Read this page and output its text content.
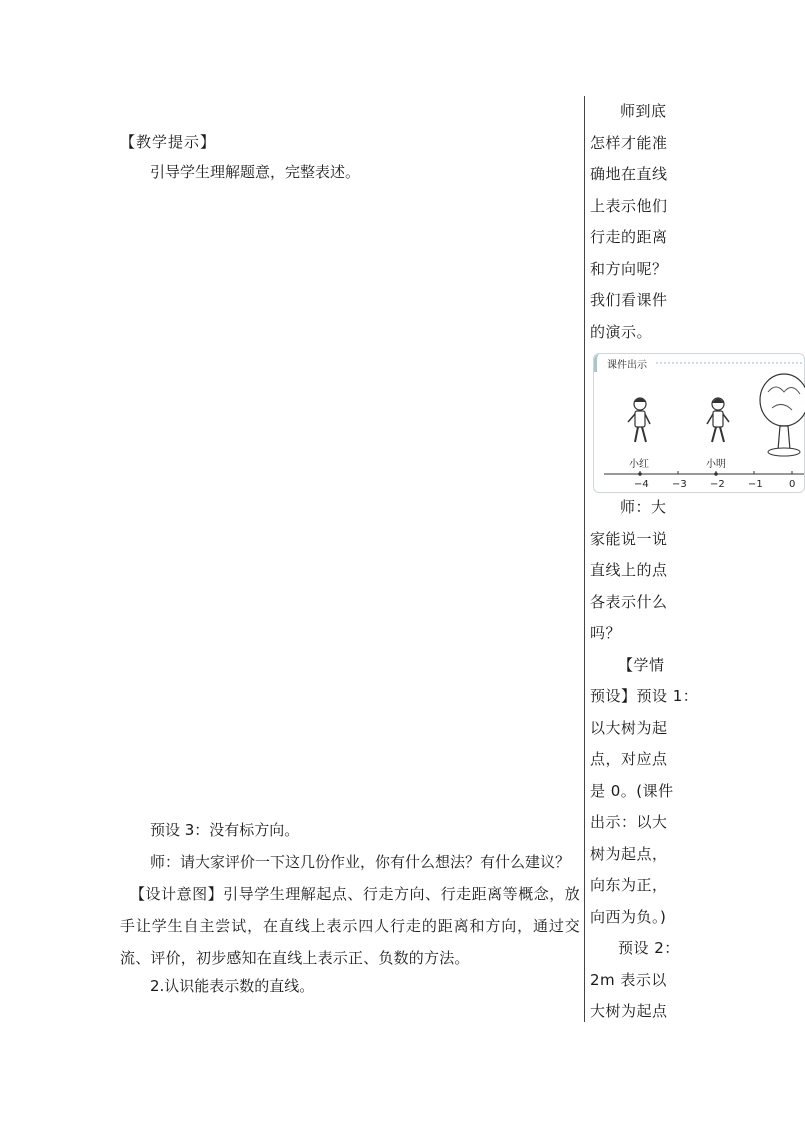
【教学提示】
引导学生理解题意，完整表述。
预设 3：没有标方向。
师：请大家评价一下这几份作业，你有什么想法？有什么建议？
【设计意图】引导学生理解起点、行走方向、行走距离等概念，放手让学生自主尝试，在直线上表示四人行走的距离和方向，通过交流、评价，初步感知在直线上表示正、负数的方法。
2.认识能表示数的直线。
师到底
怎样才能准
确地在直线
上表示他们
行走的距离
和方向呢？
我们看课件
的演示。
课件出示
小红	小明
−4 −3 −2 −1	0
师：大
家能说一说
直线上的点
各表示什么
吗？
【学情
预设】预设 1：
以大树为起
点，对应点
是 0。(课件
出示：以大
树为起点，
向东为正，
向西为负。)
预设 2：
2m 表示以
大树为起点
